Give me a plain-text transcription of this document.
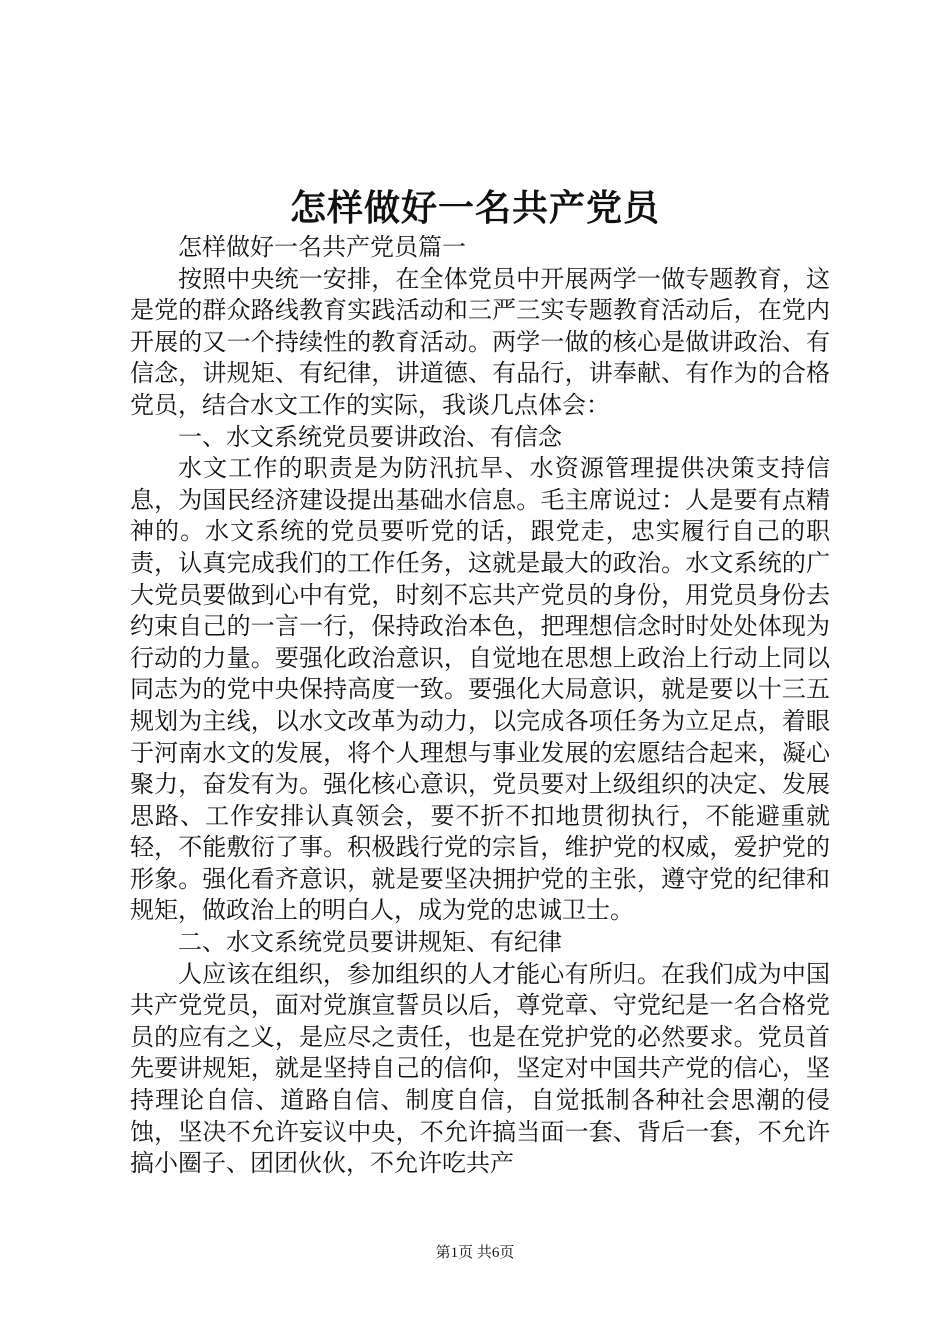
怎样做好一名共产党员

怎样做好一名共产党员篇一

按照中央统一安排，在全体党员中开展两学一做专题教育，这是党的群众路线教育实践活动和三严三实专题教育活动后，在党内开展的又一个持续性的教育活动。两学一做的核心是做讲政治、有信念，讲规矩、有纪律，讲道德、有品行，讲奉献、有作为的合格党员，结合水文工作的实际，我谈几点体会：

一、水文系统党员要讲政治、有信念

水文工作的职责是为防汛抗旱、水资源管理提供决策支持信息，为国民经济建设提出基础水信息。毛主席说过：人是要有点精神的。水文系统的党员要听党的话，跟党走，忠实履行自己的职责，认真完成我们的工作任务，这就是最大的政治。水文系统的广大党员要做到心中有党，时刻不忘共产党员的身份，用党员身份去约束自己的一言一行，保持政治本色，把理想信念时时处处体现为行动的力量。要强化政治意识，自觉地在思想上政治上行动上同以同志为的党中央保持高度一致。要强化大局意识，就是要以十三五规划为主线，以水文改革为动力，以完成各项任务为立足点，着眼于河南水文的发展，将个人理想与事业发展的宏愿结合起来，凝心聚力，奋发有为。强化核心意识，党员要对上级组织的决定、发展思路、工作安排认真领会，要不折不扣地贯彻执行，不能避重就轻，不能敷衍了事。积极践行党的宗旨，维护党的权威，爱护党的形象。强化看齐意识，就是要坚决拥护党的主张，遵守党的纪律和规矩，做政治上的明白人，成为党的忠诚卫士。

二、水文系统党员要讲规矩、有纪律

人应该在组织，参加组织的人才能心有所归。在我们成为中国共产党党员，面对党旗宣誓员以后，尊党章、守党纪是一名合格党员的应有之义，是应尽之责任，也是在党护党的必然要求。党员首先要讲规矩，就是坚持自己的信仰，坚定对中国共产党的信心，坚持理论自信、道路自信、制度自信，自觉抵制各种社会思潮的侵蚀，坚决不允许妄议中央，不允许搞当面一套、背后一套，不允许搞小圈子、团团伙伙，不允许吃共产

第1页 共6页
